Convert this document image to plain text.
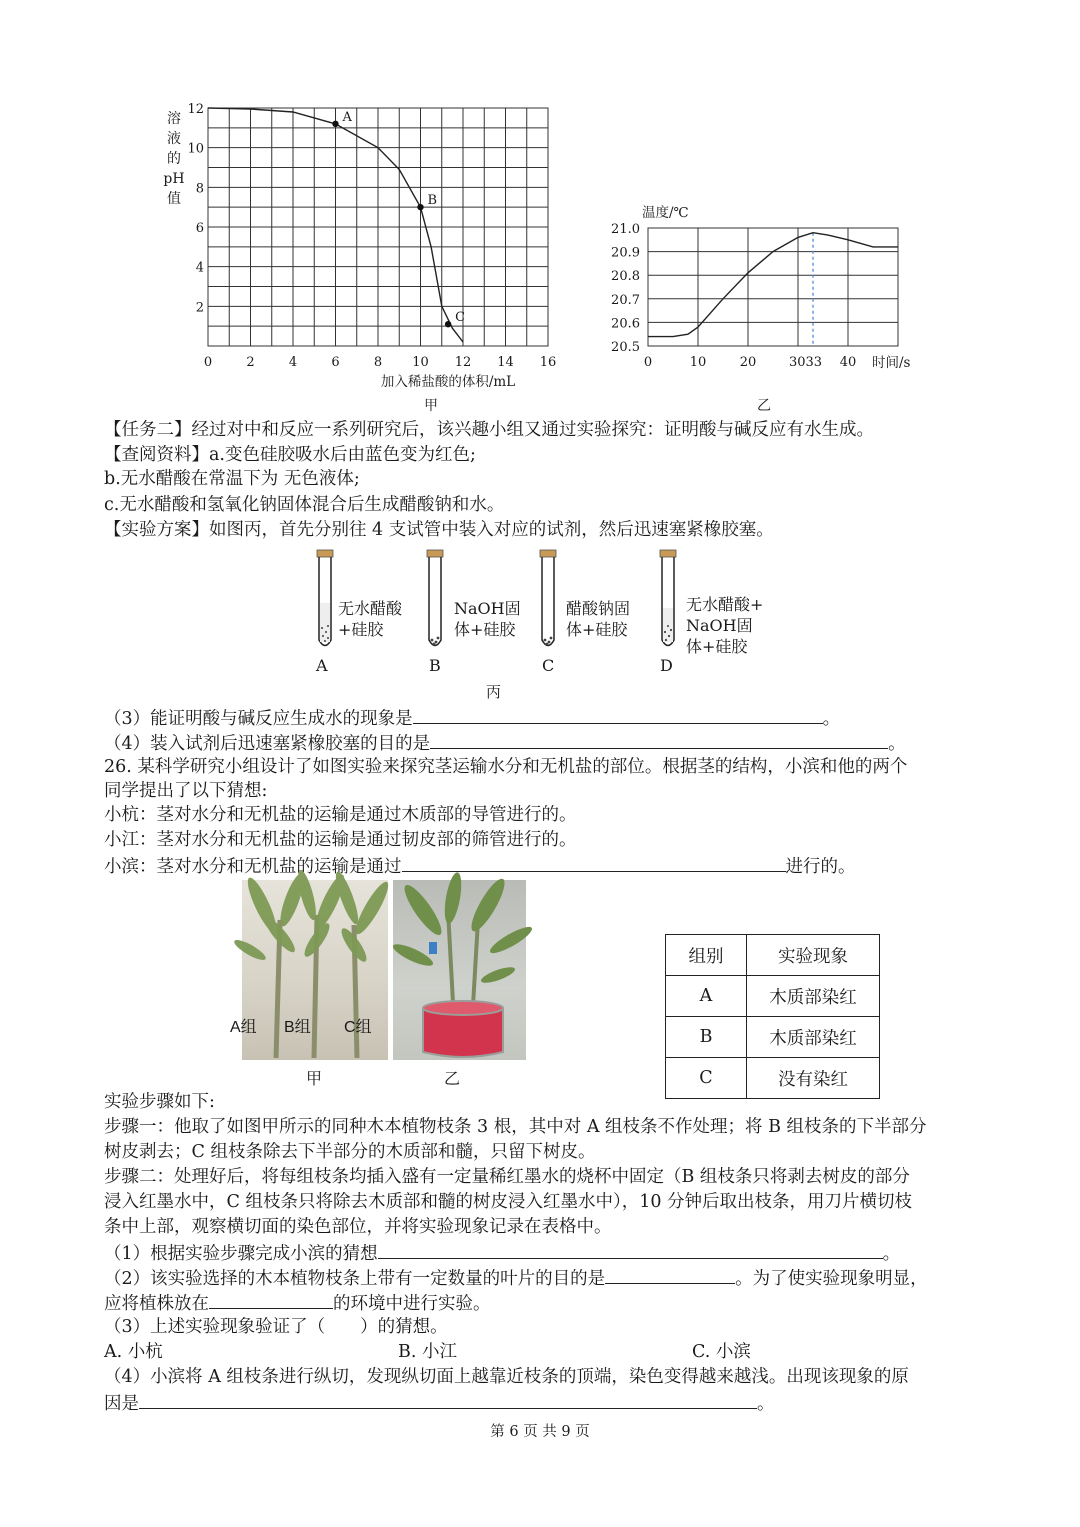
溶
液
的
pH
值
0	2	4	6	8 10 12 14 16
12
10
8
6
4
2
A
B
C
加入稀盐酸的体积/mL
甲
温度/℃
0	10	20	3033 40
21.0
20.9
20.8
20.7
20.6
20.5
时间/s
乙
【任务二】经过对中和反应一系列研究后，该兴趣小组又通过实验探究：证明酸与碱反应有水生成。
【查阅资料】a.变色硅胶吸水后由蓝色变为红色;
b.无水醋酸在常温下为 无色液体;
c.无水醋酸和氢氧化钠固体混合后生成醋酸钠和水。
【实验方案】如图丙，首先分别往 4 支试管中装入对应的试剂，然后迅速塞紧橡胶塞。
无水醋酸
+硅胶
A
NaOH固
体+硅胶
B
醋酸钠固
体+硅胶
C
无水醋酸+
NaOH固
体+硅胶
D
丙
（3）能证明酸与碱反应生成水的现象是	。
（4）装入试剂后迅速塞紧橡胶塞的目的是	。
26. 某科学研究小组设计了如图实验来探究茎运输水分和无机盐的部位。根据茎的结构，小滨和他的两个
同学提出了以下猜想:
小杭：茎对水分和无机盐的运输是通过木质部的导管进行的。
小江：茎对水分和无机盐的运输是通过韧皮部的筛管进行的。
小滨：茎对水分和无机盐的运输是通过	进行的。
A组 B组 C组
甲	乙
组别	实验现象
A	木质部染红
B	木质部染红
C	没有染红
实验步骤如下:
步骤一：他取了如图甲所示的同种木本植物枝条 3 根，其中对 A 组枝条不作处理；将 B 组枝条的下半部分
树皮剥去；C 组枝条除去下半部分的木质部和髓，只留下树皮。
步骤二：处理好后，将每组枝条均插入盛有一定量稀红墨水的烧杯中固定（B 组枝条只将剥去树皮的部分
浸入红墨水中，C 组枝条只将除去木质部和髓的树皮浸入红墨水中），10 分钟后取出枝条，用刀片横切枝
条中上部，观察横切面的染色部位，并将实验现象记录在表格中。
（1）根据实验步骤完成小滨的猜想	。
（2）该实验选择的木本植物枝条上带有一定数量的叶片的目的是	。为了使实验现象明显，
应将植株放在	的环境中进行实验。
（3）上述实验现象验证了（　　）的猜想。
A. 小杭	B. 小江	C. 小滨
（4）小滨将 A 组枝条进行纵切，发现纵切面上越靠近枝条的顶端，染色变得越来越浅。出现该现象的原
因是	。
第 6 页 共 9 页
